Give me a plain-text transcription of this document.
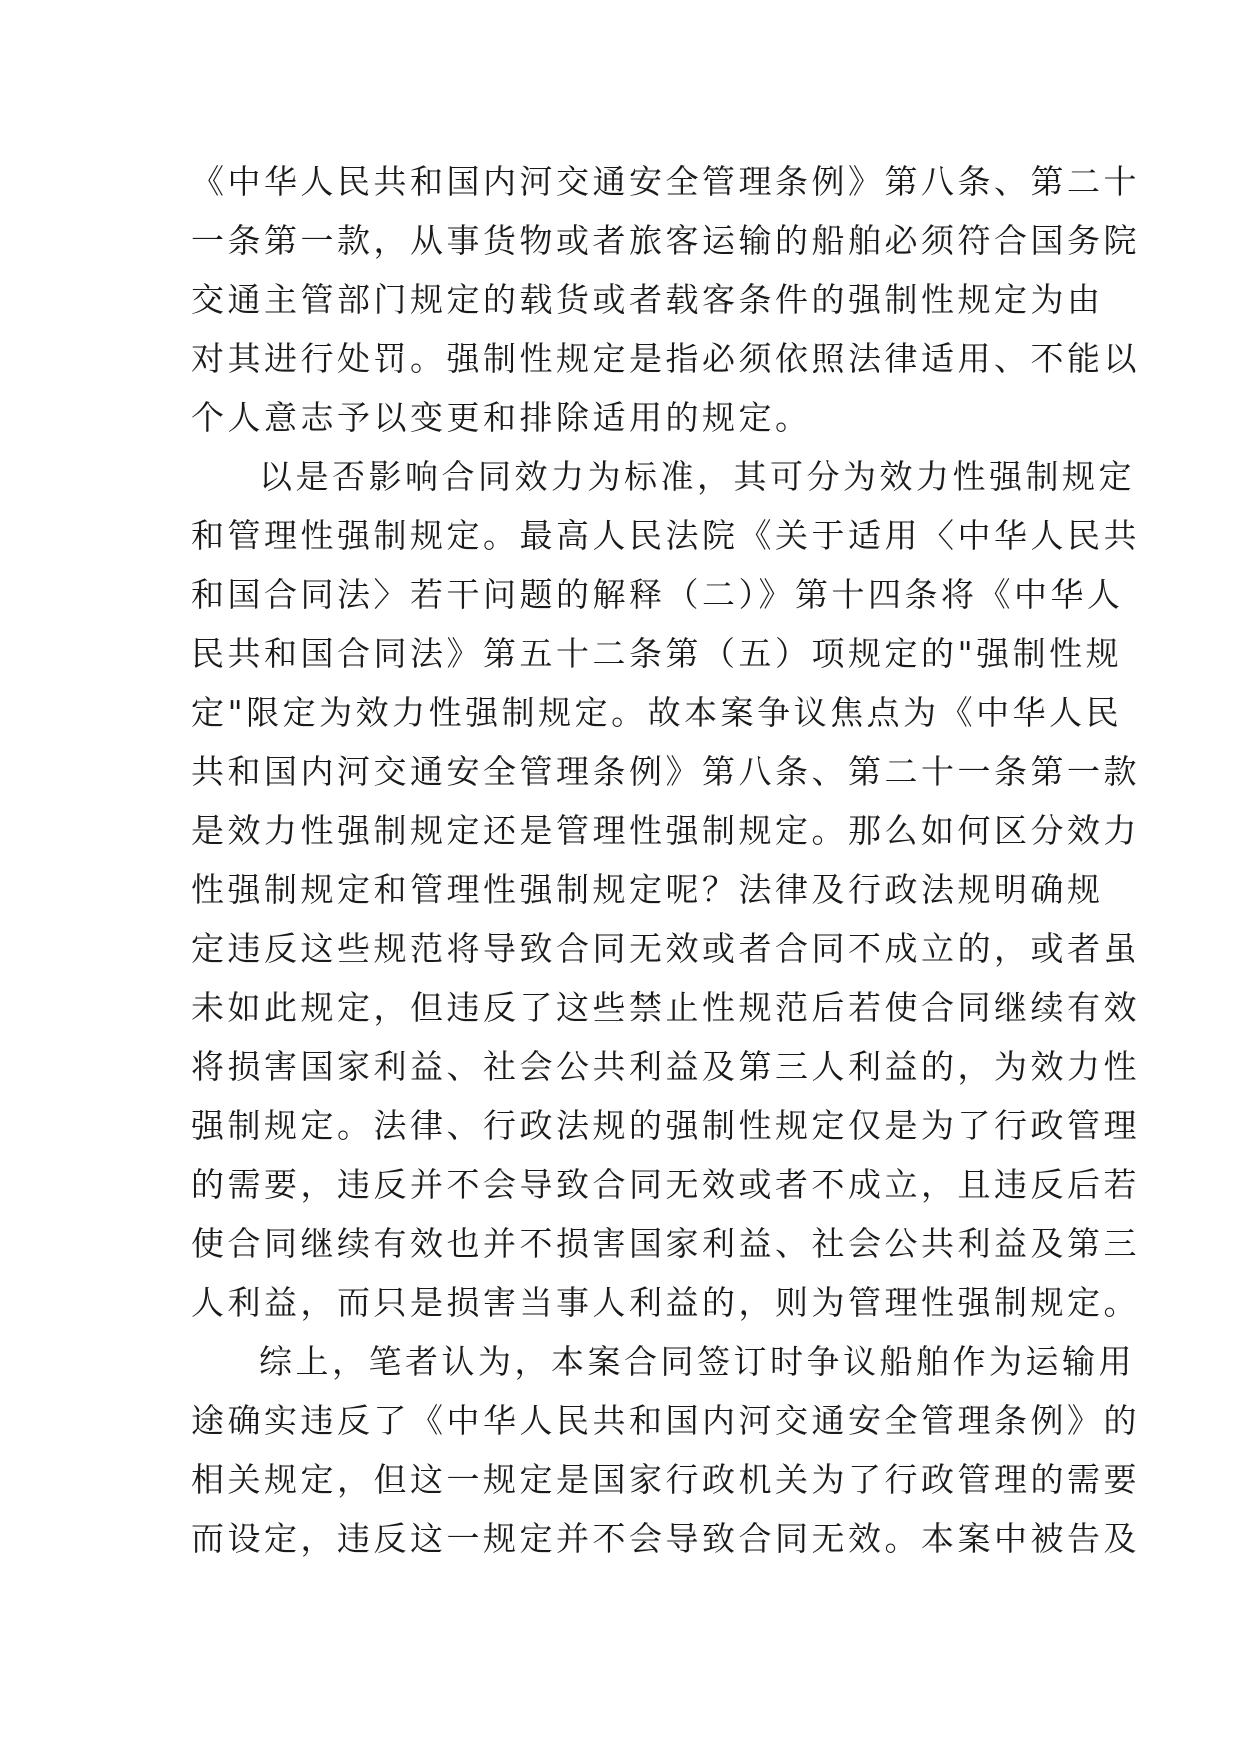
《中华人民共和国内河交通安全管理条例》第八条、第二十
一条第一款，从事货物或者旅客运输的船舶必须符合国务院
交通主管部门规定的载货或者载客条件的强制性规定为由
对其进行处罚。强制性规定是指必须依照法律适用、不能以
个人意志予以变更和排除适用的规定。
以是否影响合同效力为标准，其可分为效力性强制规定
和管理性强制规定。最高人民法院《关于适用〈中华人民共
和国合同法〉若干问题的解释（二）》第十四条将《中华人
民共和国合同法》第五十二条第（五）项规定的"强制性规
定"限定为效力性强制规定。故本案争议焦点为《中华人民
共和国内河交通安全管理条例》第八条、第二十一条第一款
是效力性强制规定还是管理性强制规定。那么如何区分效力
性强制规定和管理性强制规定呢？法律及行政法规明确规
定违反这些规范将导致合同无效或者合同不成立的，或者虽
未如此规定，但违反了这些禁止性规范后若使合同继续有效
将损害国家利益、社会公共利益及第三人利益的，为效力性
强制规定。法律、行政法规的强制性规定仅是为了行政管理
的需要，违反并不会导致合同无效或者不成立，且违反后若
使合同继续有效也并不损害国家利益、社会公共利益及第三
人利益，而只是损害当事人利益的，则为管理性强制规定。
综上，笔者认为，本案合同签订时争议船舶作为运输用
途确实违反了《中华人民共和国内河交通安全管理条例》的
相关规定，但这一规定是国家行政机关为了行政管理的需要
而设定，违反这一规定并不会导致合同无效。本案中被告及
